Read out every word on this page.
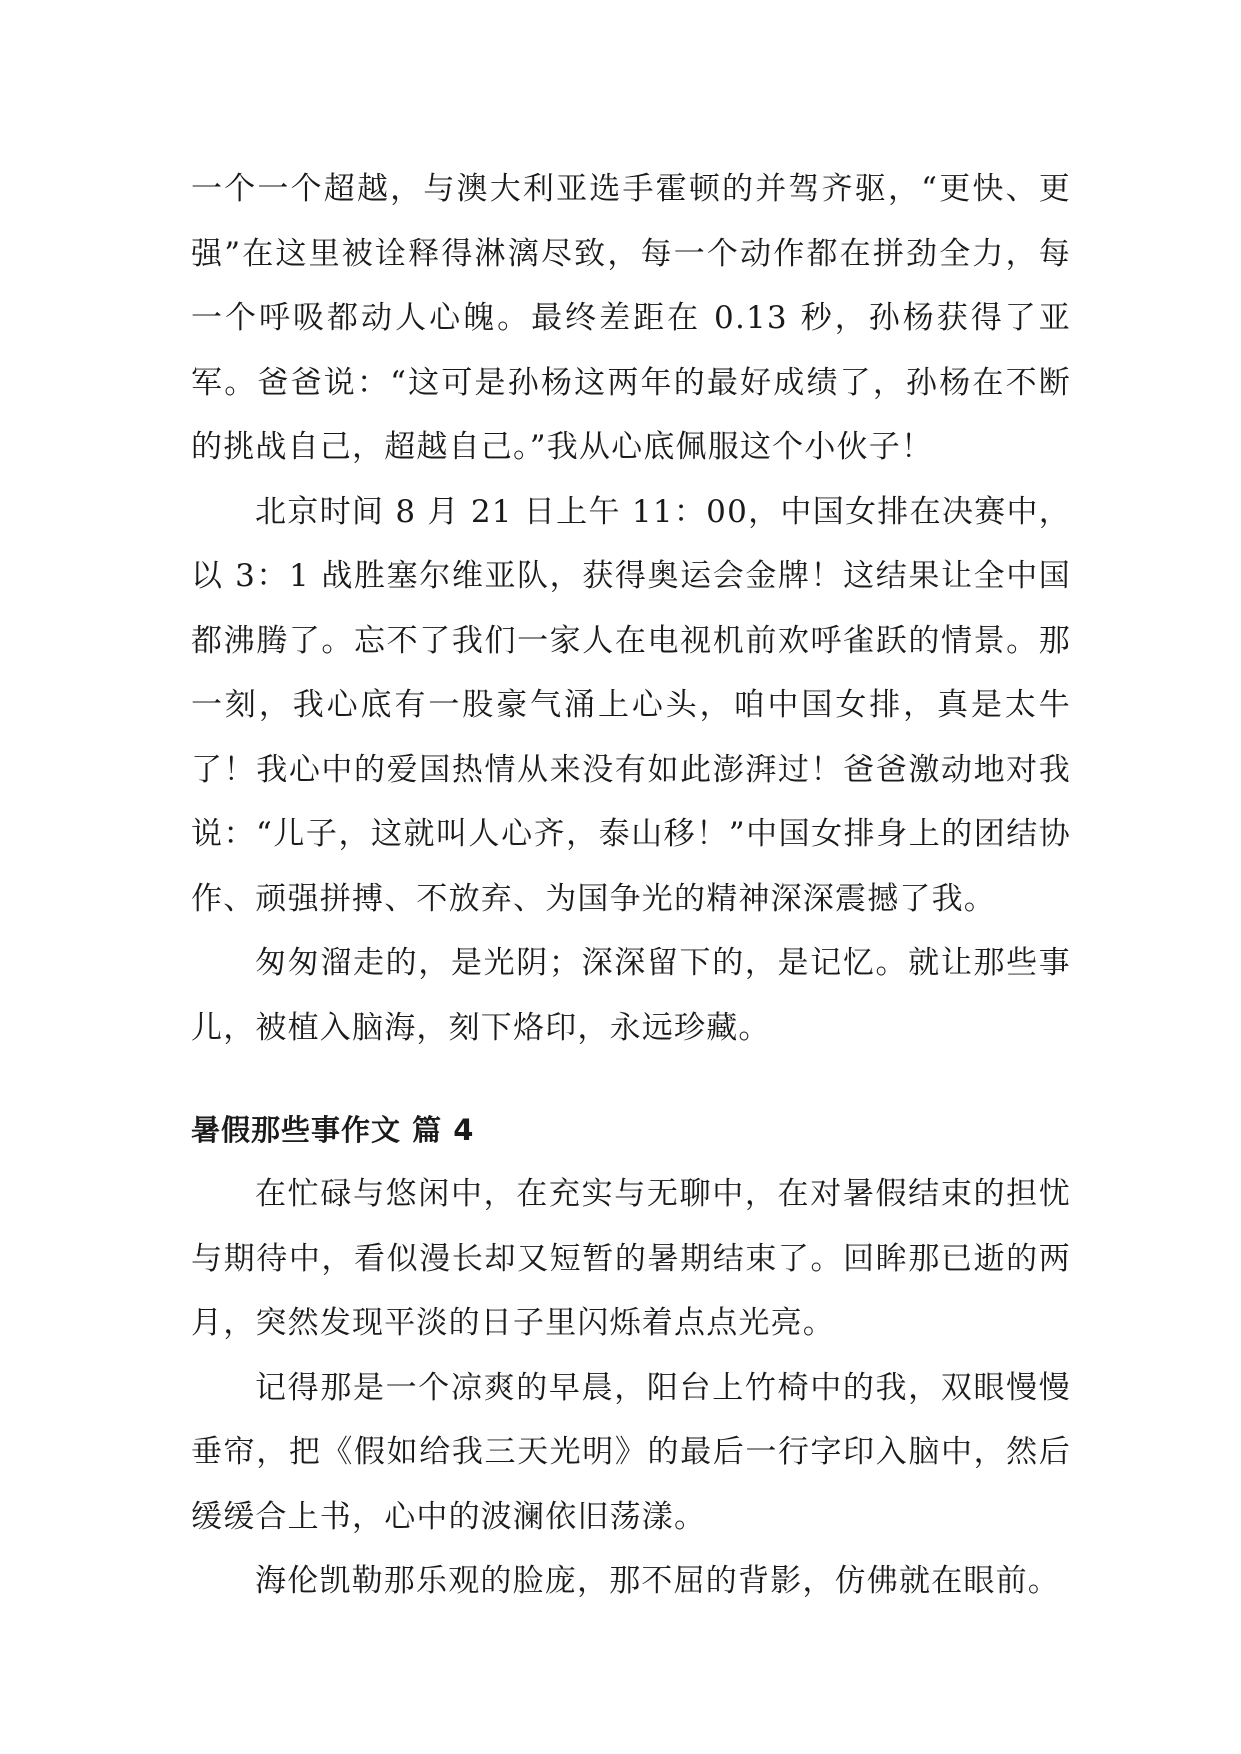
一个一个超越，与澳大利亚选手霍顿的并驾齐驱，“更快、更强”在这里被诠释得淋漓尽致，每一个动作都在拼劲全力，每一个呼吸都动人心魄。最终差距在 0.13 秒，孙杨获得了亚军。爸爸说：“这可是孙杨这两年的最好成绩了，孙杨在不断的挑战自己，超越自己。”我从心底佩服这个小伙子！

北京时间 8 月 21 日上午 11：00，中国女排在决赛中，以 3：1 战胜塞尔维亚队，获得奥运会金牌！这结果让全中国都沸腾了。忘不了我们一家人在电视机前欢呼雀跃的情景。那一刻，我心底有一股豪气涌上心头，咱中国女排，真是太牛了！我心中的爱国热情从来没有如此澎湃过！爸爸激动地对我说：“儿子，这就叫人心齐，泰山移！”中国女排身上的团结协作、顽强拼搏、不放弃、为国争光的精神深深震撼了我。

匆匆溜走的，是光阴；深深留下的，是记忆。就让那些事儿，被植入脑海，刻下烙印，永远珍藏。

暑假那些事作文 篇 4

在忙碌与悠闲中，在充实与无聊中，在对暑假结束的担忧与期待中，看似漫长却又短暂的暑期结束了。回眸那已逝的两月，突然发现平淡的日子里闪烁着点点光亮。

记得那是一个凉爽的早晨，阳台上竹椅中的我，双眼慢慢垂帘，把《假如给我三天光明》的最后一行字印入脑中，然后缓缓合上书，心中的波澜依旧荡漾。

海伦凯勒那乐观的脸庞，那不屈的背影，仿佛就在眼前。
